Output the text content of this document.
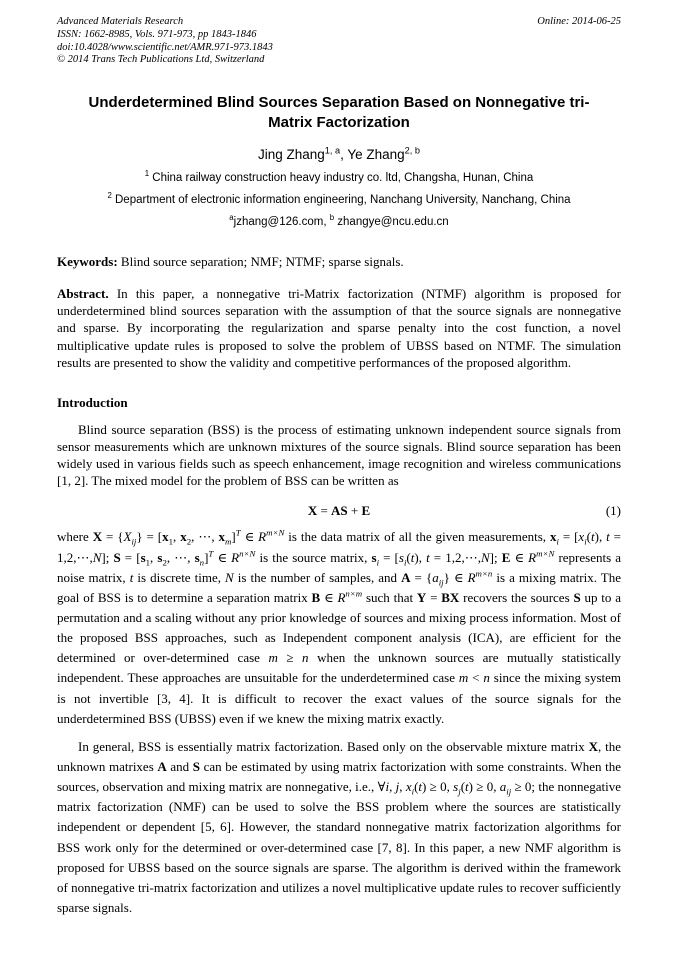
Advanced Materials Research
ISSN: 1662-8985, Vols. 971-973, pp 1843-1846
doi:10.4028/www.scientific.net/AMR.971-973.1843
© 2014 Trans Tech Publications Ltd, Switzerland
Online: 2014-06-25
Underdetermined Blind Sources Separation Based on Nonnegative tri-Matrix Factorization
Jing Zhang$^{1, a}$, Ye Zhang$^{2, b}$
$^1$ China railway construction heavy industry co. ltd, Changsha, Hunan, China
$^2$ Department of electronic information engineering, Nanchang University, Nanchang, China
$^a$jzhang@126.com, $^b$ zhangye@ncu.edu.cn
Keywords: Blind source separation; NMF; NTMF; sparse signals.
Abstract. In this paper, a nonnegative tri-Matrix factorization (NTMF) algorithm is proposed for underdetermined blind sources separation with the assumption of that the source signals are nonnegative and sparse. By incorporating the regularization and sparse penalty into the cost function, a novel multiplicative update rules is proposed to solve the problem of UBSS based on NTMF. The simulation results are presented to show the validity and competitive performances of the proposed algorithm.
Introduction
Blind source separation (BSS) is the process of estimating unknown independent source signals from sensor measurements which are unknown mixtures of the source signals. Blind source separation has been widely used in various fields such as speech enhancement, image recognition and wireless communications [1, 2]. The mixed model for the problem of BSS can be written as
X = AS + E	(1)
where $X = \{X_{ij}\} = [x_1$, $x_2$, ⋯, $x_m]^T$ ∈ $R^{m\times N}$ is the data matrix of all the given measurements, $x_i = [x_i(t)$, t = 1,2,⋯,N]; $S = [s_1$, $s_2$, ⋯, $s_n]^T$ ∈ $R^{n\times N}$ is the source matrix, $s_i = [s_i(t)$, t = 1,2,⋯,N]; E ∈ $R^{m\times N}$ represents a noise matrix, t is discrete time, N is the number of samples, and $A = \{a_{ij}\}$ ∈ $R^{m\times n}$ is a mixing matrix. The goal of BSS is to determine a separation matrix B ∈ $R^{n\times m}$ such that Y = BX recovers the sources S up to a permutation and a scaling without any prior knowledge of sources and mixing process information. Most of the proposed BSS approaches, such as Independent component analysis (ICA), are efficient for the determined or over-determined case m ≥ n when the unknown sources are mutually statistically independent. These approaches are unsuitable for the underdetermined case m < n since the mixing system is not invertible [3, 4]. It is difficult to recover the exact values of the source signals for the underdetermined BSS (UBSS) even if we knew the mixing matrix exactly.
In general, BSS is essentially matrix factorization. Based only on the observable mixture matrix X, the unknown matrixes A and S can be estimated by using matrix factorization with some constraints. When the sources, observation and mixing matrix are nonnegative, i.e., ∀i, j, $x_i(t) \ge 0$, $s_j(t) \ge 0$, $a_{ij} \ge 0$; the nonnegative matrix factorization (NMF) can be used to solve the BSS problem where the sources are statistically independent or dependent [5, 6]. However, the standard nonnegative matrix factorization algorithms for BSS work only for the determined or over-determined case [7, 8]. In this paper, a new NMF algorithm is proposed for UBSS based on the source signals are sparse. The algorithm is derived within the framework of nonnegative tri-matrix factorization and utilizes a novel multiplicative update rules to recover sufficiently sparse signals.
